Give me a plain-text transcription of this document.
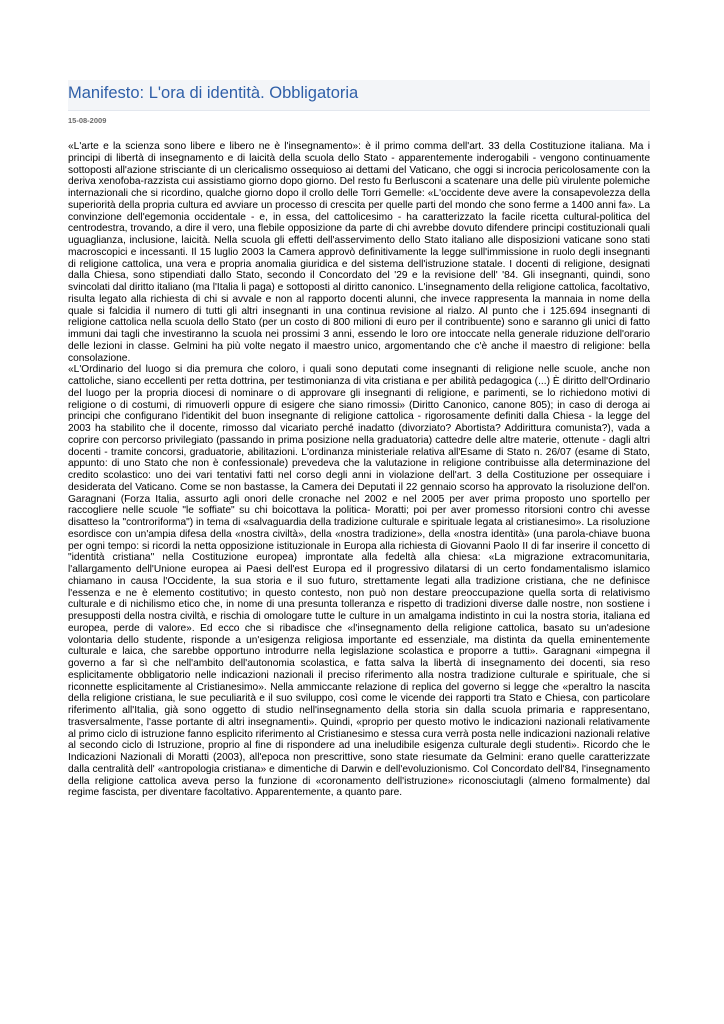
Manifesto: L'ora di identità. Obbligatoria
15-08-2009

«L'arte e la scienza sono libere e libero ne è l'insegnamento»: è il primo comma dell'art. 33 della Costituzione italiana. Ma i principi di libertà di insegnamento e di laicità della scuola dello Stato - apparentemente inderogabili - vengono continuamente sottoposti all'azione strisciante di un clericalismo ossequioso ai dettami del Vaticano, che oggi si incrocia pericolosamente con la deriva xenofoba-razzista cui assistiamo giorno dopo giorno. Del resto fu Berlusconi a scatenare una delle più virulente polemiche internazionali che si ricordino, qualche giorno dopo il crollo delle Torri Gemelle: «L'occidente deve avere la consapevolezza della superiorità della propria cultura ed avviare un processo di crescita per quelle parti del mondo che sono ferme a 1400 anni fa». La convinzione dell'egemonia occidentale - e, in essa, del cattolicesimo - ha caratterizzato la facile ricetta cultural-politica del centrodestra, trovando, a dire il vero, una flebile opposizione da parte di chi avrebbe dovuto difendere principi costituzionali quali uguaglianza, inclusione, laicità. Nella scuola gli effetti dell'asservimento dello Stato italiano alle disposizioni vaticane sono stati macroscopici e incessanti. Il 15 luglio 2003 la Camera approvò definitivamente la legge sull'immissione in ruolo degli insegnanti di religione cattolica, una vera e propria anomalia giuridica e del sistema dell'istruzione statale. I docenti di religione, designati dalla Chiesa, sono stipendiati dallo Stato, secondo il Concordato del '29 e la revisione dell' '84. Gli insegnanti, quindi, sono svincolati dal diritto italiano (ma l'Italia li paga) e sottoposti al diritto canonico. L'insegnamento della religione cattolica, facoltativo, risulta legato alla richiesta di chi si avvale e non al rapporto docenti alunni, che invece rappresenta la mannaia in nome della quale si falcidia il numero di tutti gli altri insegnanti in una continua revisione al rialzo. Al punto che i 125.694 insegnanti di religione cattolica nella scuola dello Stato (per un costo di 800 milioni di euro per il contribuente) sono e saranno gli unici di fatto immuni dai tagli che investiranno la scuola nei prossimi 3 anni, essendo le loro ore intoccate nella generale riduzione dell'orario delle lezioni in classe. Gelmini ha più volte negato il maestro unico, argomentando che c'è anche il maestro di religione: bella consolazione.

«L'Ordinario del luogo si dia premura che coloro, i quali sono deputati come insegnanti di religione nelle scuole, anche non cattoliche, siano eccellenti per retta dottrina, per testimonianza di vita cristiana e per abilità pedagogica (...) È diritto dell'Ordinario del luogo per la propria diocesi di nominare o di approvare gli insegnanti di religione, e parimenti, se lo richiedono motivi di religione o di costumi, di rimuoverli oppure di esigere che siano rimossi» (Diritto Canonico, canone 805); in caso di deroga ai principi che configurano l'identikit del buon insegnante di religione cattolica - rigorosamente definiti dalla Chiesa - la legge del 2003 ha stabilito che il docente, rimosso dal vicariato perché inadatto (divorziato? Abortista? Addirittura comunista?), vada a coprire con percorso privilegiato (passando in prima posizione nella graduatoria) cattedre delle altre materie, ottenute - dagli altri docenti - tramite concorsi, graduatorie, abilitazioni. L'ordinanza ministeriale relativa all'Esame di Stato n. 26/07 (esame di Stato, appunto: di uno Stato che non è confessionale) prevedeva che la valutazione in religione contribuisse alla determinazione del credito scolastico: uno dei vari tentativi fatti nel corso degli anni in violazione dell'art. 3 della Costituzione per ossequiare i desiderata del Vaticano. Come se non bastasse, la Camera dei Deputati il 22 gennaio scorso ha approvato la risoluzione dell'on. Garagnani (Forza Italia, assurto agli onori delle cronache nel 2002 e nel 2005 per aver prima proposto uno sportello per raccogliere nelle scuole "le soffiate" su chi boicottava la politica- Moratti; poi per aver promesso ritorsioni contro chi avesse disatteso la "controriforma") in tema di «salvaguardia della tradizione culturale e spirituale legata al cristianesimo». La risoluzione esordisce con un'ampia difesa della «nostra civiltà», della «nostra tradizione», della «nostra identità» (una parola-chiave buona per ogni tempo: si ricordi la netta opposizione istituzionale in Europa alla richiesta di Giovanni Paolo II di far inserire il concetto di "identità cristiana" nella Costituzione europea) improntate alla fedeltà alla chiesa: «La migrazione extracomunitaria, l'allargamento dell'Unione europea ai Paesi dell'est Europa ed il progressivo dilatarsi di un certo fondamentalismo islamico chiamano in causa l'Occidente, la sua storia e il suo futuro, strettamente legati alla tradizione cristiana, che ne definisce l'essenza e ne è elemento costitutivo; in questo contesto, non può non destare preoccupazione quella sorta di relativismo culturale e di nichilismo etico che, in nome di una presunta tolleranza e rispetto di tradizioni diverse dalle nostre, non sostiene i presupposti della nostra civiltà, e rischia di omologare tutte le culture in un amalgama indistinto in cui la nostra storia, italiana ed europea, perde di valore». Ed ecco che si ribadisce che «l'insegnamento della religione cattolica, basato su un'adesione volontaria dello studente, risponde a un'esigenza religiosa importante ed essenziale, ma distinta da quella eminentemente culturale e laica, che sarebbe opportuno introdurre nella legislazione scolastica e proporre a tutti». Garagnani «impegna il governo a far sì che nell'ambito dell'autonomia scolastica, e fatta salva la libertà di insegnamento dei docenti, sia reso esplicitamente obbligatorio nelle indicazioni nazionali il preciso riferimento alla nostra tradizione culturale e spirituale, che si riconnette esplicitamente al Cristianesimo». Nella ammiccante relazione di replica del governo si legge che «peraltro la nascita della religione cristiana, le sue peculiarità e il suo sviluppo, così come le vicende dei rapporti tra Stato e Chiesa, con particolare riferimento all'Italia, già sono oggetto di studio nell'insegnamento della storia sin dalla scuola primaria e rappresentano, trasversalmente, l'asse portante di altri insegnamenti». Quindi, «proprio per questo motivo le indicazioni nazionali relativamente al primo ciclo di istruzione fanno esplicito riferimento al Cristianesimo e stessa cura verrà posta nelle indicazioni nazionali relative al secondo ciclo di Istruzione, proprio al fine di rispondere ad una ineludibile esigenza culturale degli studenti». Ricordo che le Indicazioni Nazionali di Moratti (2003), all'epoca non prescrittive, sono state riesumate da Gelmini: erano quelle caratterizzate dalla centralità dell' «antropologia cristiana» e dimentiche di Darwin e dell'evoluzionismo. Col Concordato dell'84, l'insegnamento della religione cattolica aveva perso la funzione di «coronamento dell'istruzione» riconosciutagli (almeno formalmente) dal regime fascista, per diventare facoltativo. Apparentemente, a quanto pare.
